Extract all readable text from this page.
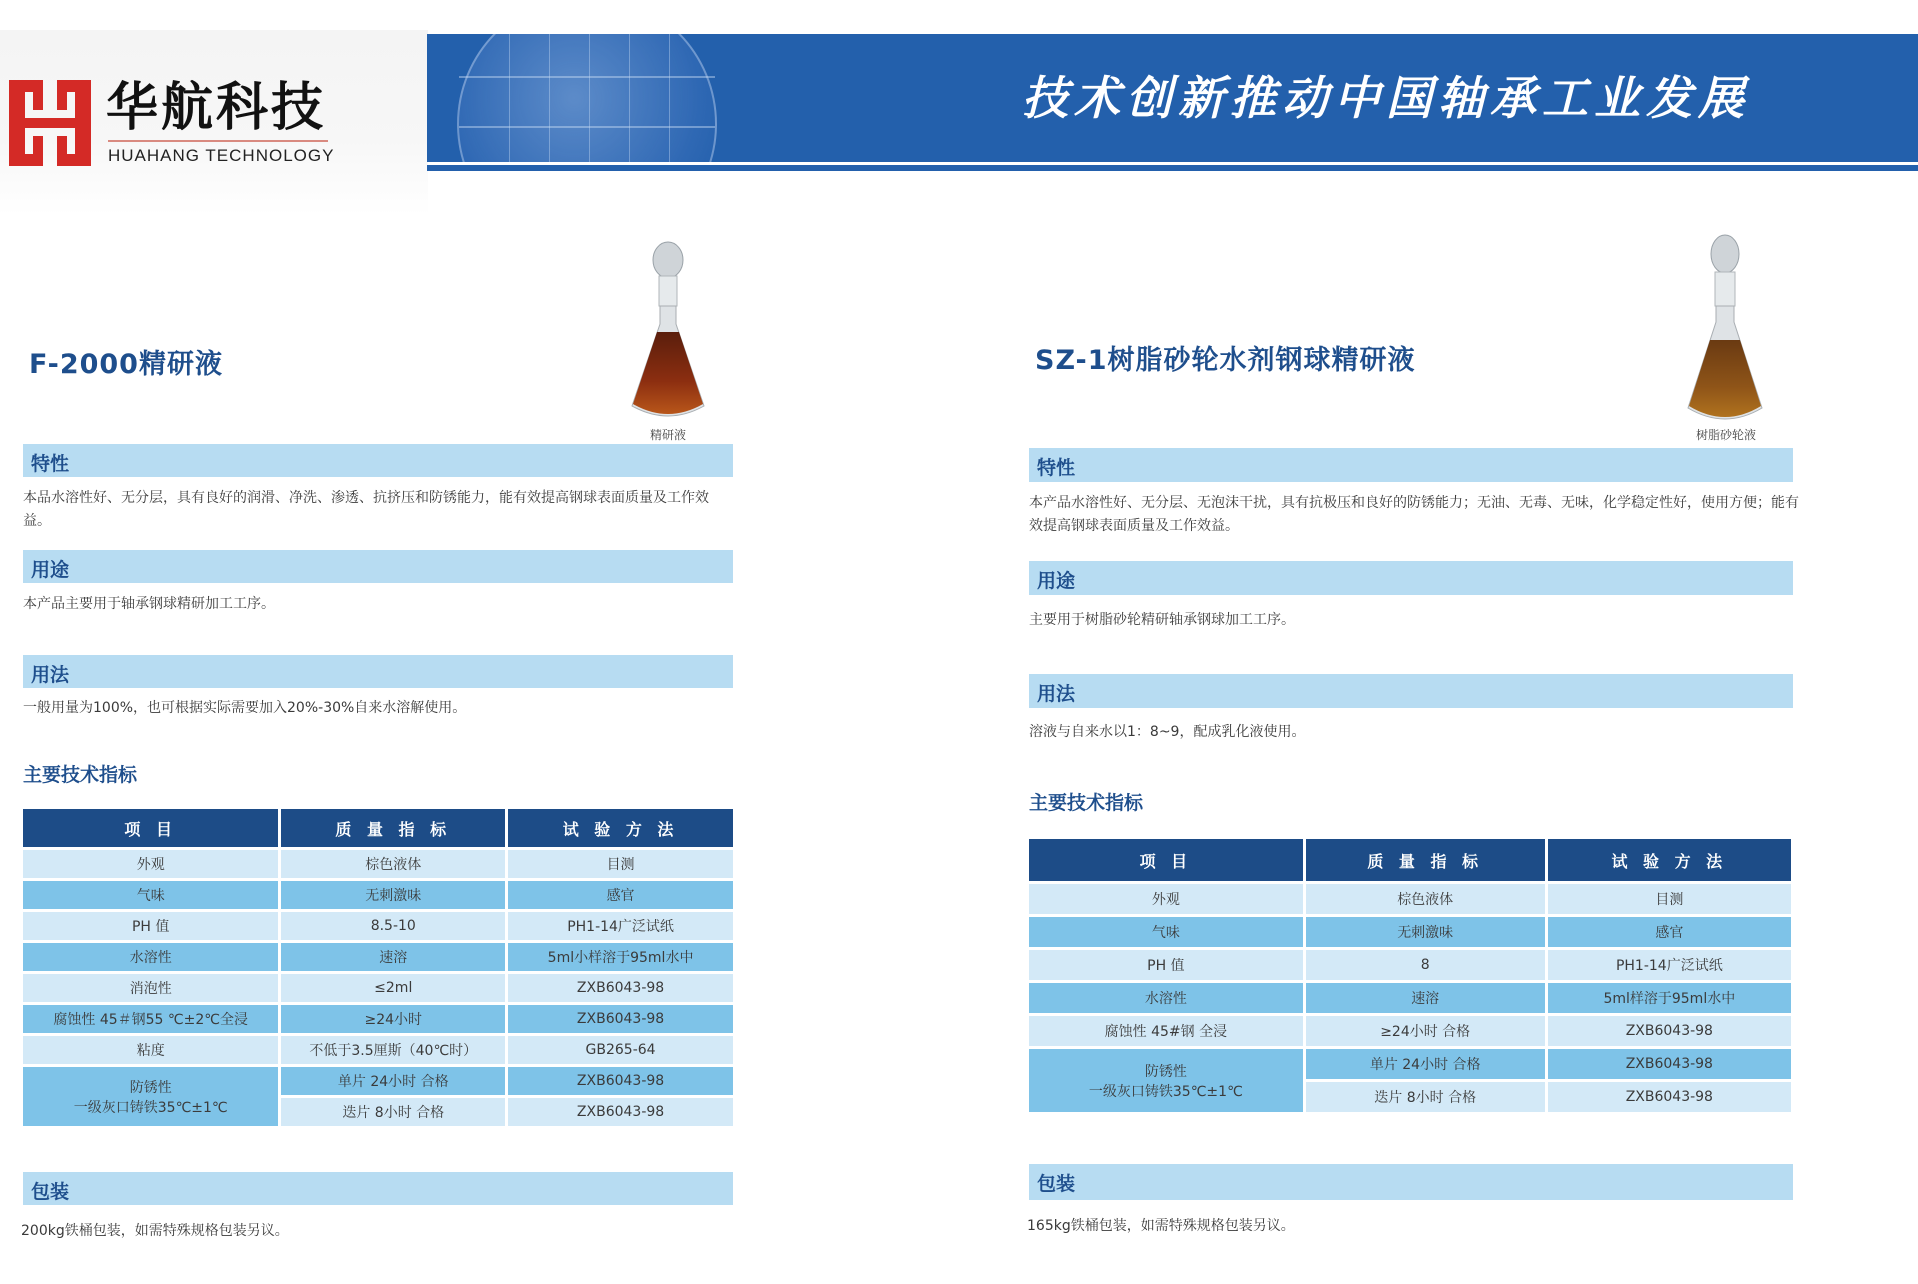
华航科技
HUAHANG TECHNOLOGY
技术创新推动中国轴承工业发展
F-2000精研液
精研液
特性
本品水溶性好、无分层，具有良好的润滑、净洗、渗透、抗挤压和防锈能力，能有效提高钢球表面质量及工作效益。
用途
本产品主要用于轴承钢球精研加工工序。
用法
一般用量为100%，也可根据实际需要加入20%-30%自来水溶解使用。
主要技术指标
项 目	质 量 指 标	试 验 方 法
外观	棕色液体	目测
气味	无刺激味	感官
PH 值	8.5-10	PH1-14广泛试纸
水溶性	速溶	5ml小样溶于95ml水中
消泡性	≤2ml	ZXB6043-98
腐蚀性 45＃钢55 ℃±2℃全浸	≥24小时	ZXB6043-98
粘度	不低于3.5厘斯（40℃时）	GB265-64

防锈性
一级灰口铸铁35℃±1℃	单片 24小时 合格	ZXB6043-98
	迭片 8小时 合格	ZXB6043-98
包装
200kg铁桶包装，如需特殊规格包装另议。
SZ-1树脂砂轮水剂钢球精研液
树脂砂轮液
特性
本产品水溶性好、无分层、无泡沫干扰，具有抗极压和良好的防锈能力；无油、无毒、无味，化学稳定性好，使用方便；能有效提高钢球表面质量及工作效益。
用途
主要用于树脂砂轮精研轴承钢球加工工序。
用法
溶液与自来水以1：8~9，配成乳化液使用。
主要技术指标
项 目	质 量 指 标	试 验 方 法
外观	棕色液体	目测
气味	无刺激味	感官
PH 值	8	PH1-14广泛试纸
水溶性	速溶	5ml样溶于95ml水中
腐蚀性 45#钢 全浸	≥24小时 合格	ZXB6043-98

防锈性
一级灰口铸铁35℃±1℃	单片 24小时 合格	ZXB6043-98
	迭片 8小时 合格	ZXB6043-98
包装
165kg铁桶包装，如需特殊规格包装另议。
